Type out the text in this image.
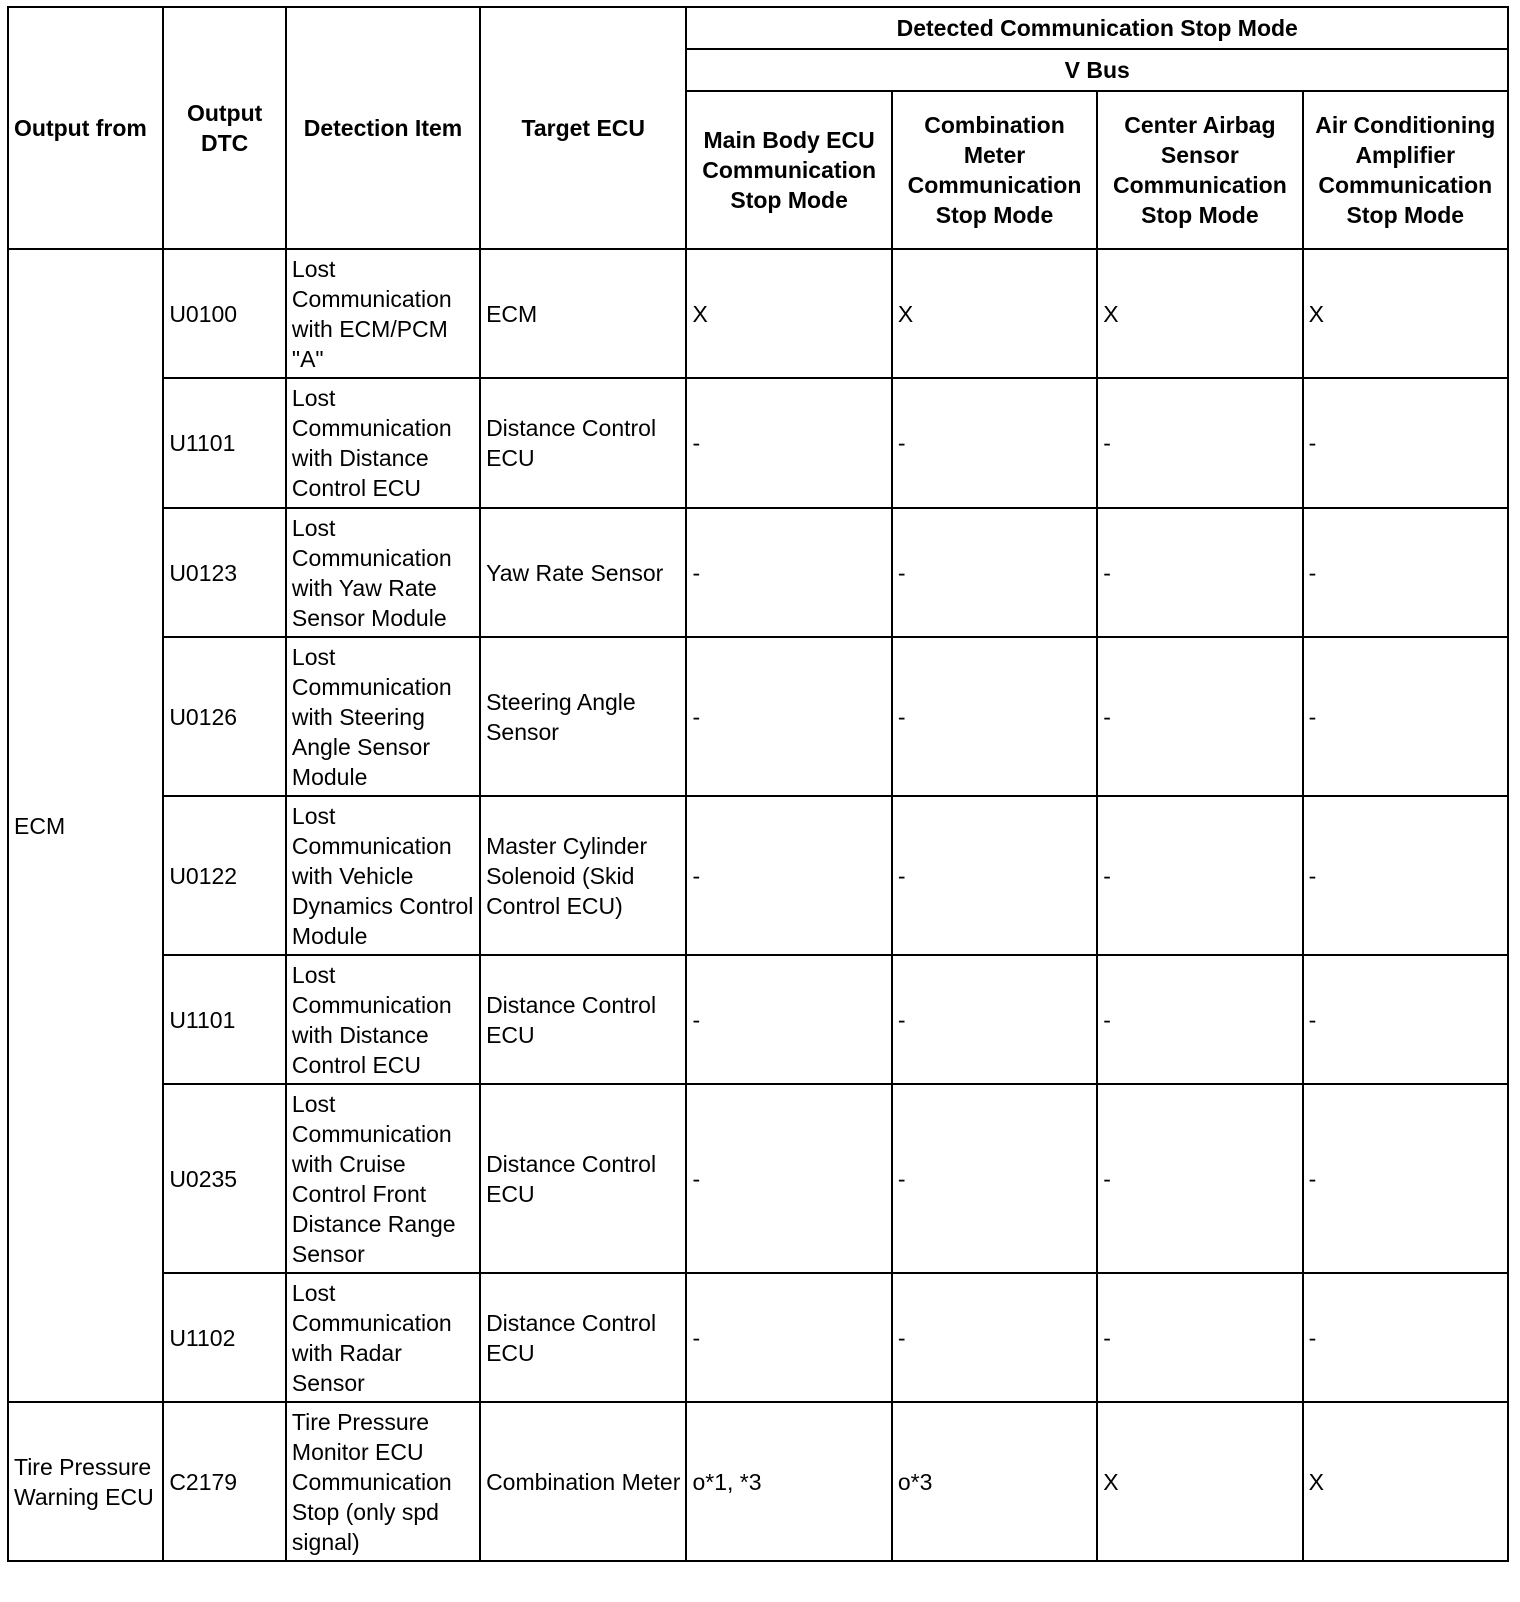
Output from	Output DTC	Detection Item	Target ECU	Detected Communication Stop Mode			
				V Bus			
				Main Body ECU Communication Stop Mode	Combination Meter Communication Stop Mode	Center Airbag Sensor Communication Stop Mode	Air Conditioning Amplifier Communication Stop Mode
ECM	U0100	Lost Communication with ECM/PCM "A"	ECM	X	X	X	X
	U1101	Lost Communication with Distance Control ECU	Distance Control ECU	-	-	-	-
	U0123	Lost Communication with Yaw Rate Sensor Module	Yaw Rate Sensor	-	-	-	-
	U0126	Lost Communication with Steering Angle Sensor Module	Steering Angle Sensor	-	-	-	-
	U0122	Lost Communication with Vehicle Dynamics Control Module	Master Cylinder Solenoid (Skid Control ECU)	-	-	-	-
	U1101	Lost Communication with Distance Control ECU	Distance Control ECU	-	-	-	-
	U0235	Lost Communication with Cruise Control Front Distance Range Sensor	Distance Control ECU	-	-	-	-
	U1102	Lost Communication with Radar Sensor	Distance Control ECU	-	-	-	-
Tire Pressure Warning ECU	C2179	Tire Pressure Monitor ECU Communication Stop (only spd signal)	Combination Meter	o*1, *3	o*3	X	X
